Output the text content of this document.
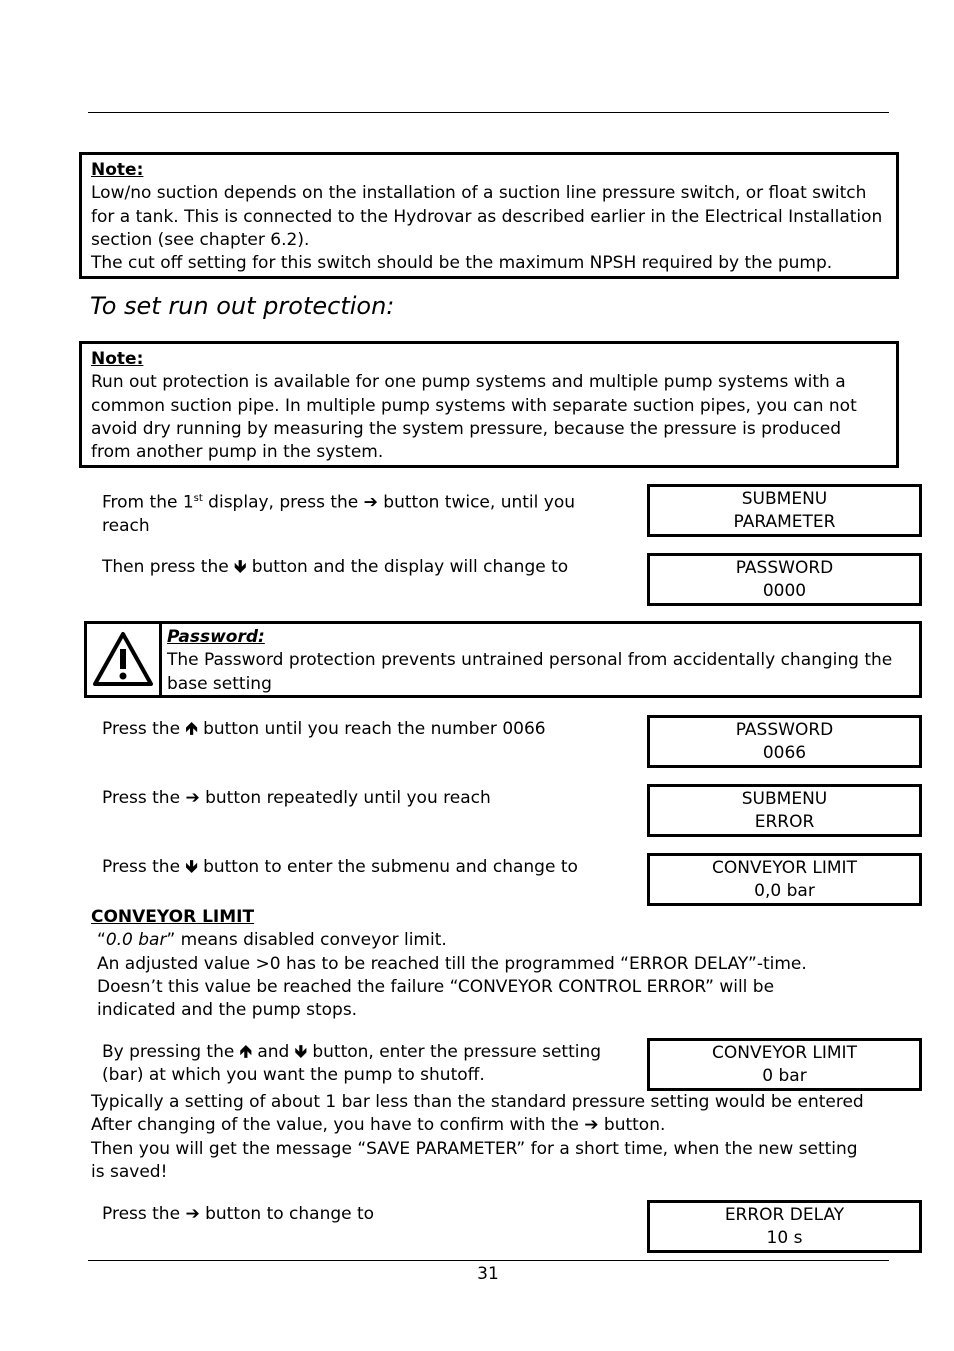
Note:

Low/no suction depends on the installation of a suction line pressure switch, or float switch

for a tank. This is connected to the Hydrovar as described earlier in the Electrical Installation

section (see chapter 6.2).

The cut off setting for this switch should be the maximum NPSH required by the pump.

To set run out protection:

Note:

Run out protection is available for one pump systems and multiple pump systems with a

common suction pipe. In multiple pump systems with separate suction pipes, you can not

avoid dry running by measuring the system pressure, because the pressure is produced

from another pump in the system.

From the 1st display, press the ➔ button twice, until you
reach
SUBMENU
PARAMETER
Then press the 🡻 button and the display will change to	PASSWORD
0000
Password:
The Password protection prevents untrained personal from accidentally changing the
base setting
Press the 🡹 button until you reach the number 0066	PASSWORD
0066
Press the ➔ button repeatedly until you reach	SUBMENU
ERROR
Press the 🡻 button to enter the submenu and change to	CONVEYOR LIMIT
0,0 bar
CONVEYOR LIMIT
“0.0 bar” means disabled conveyor limit.
An adjusted value >0 has to be reached till the programmed “ERROR DELAY”-time.
Doesn’t this value be reached the failure “CONVEYOR CONTROL ERROR” will be
indicated and the pump stops.
By pressing the 🡹 and 🡻 button, enter the pressure setting
(bar) at which you want the pump to shutoff.
CONVEYOR LIMIT
0 bar
Typically a setting of about 1 bar less than the standard pressure setting would be entered
After changing of the value, you have to confirm with the ➔ button.
Then you will get the message “SAVE PARAMETER” for a short time, when the new setting
is saved!
Press the ➔ button to change to	ERROR DELAY
10 s
31
